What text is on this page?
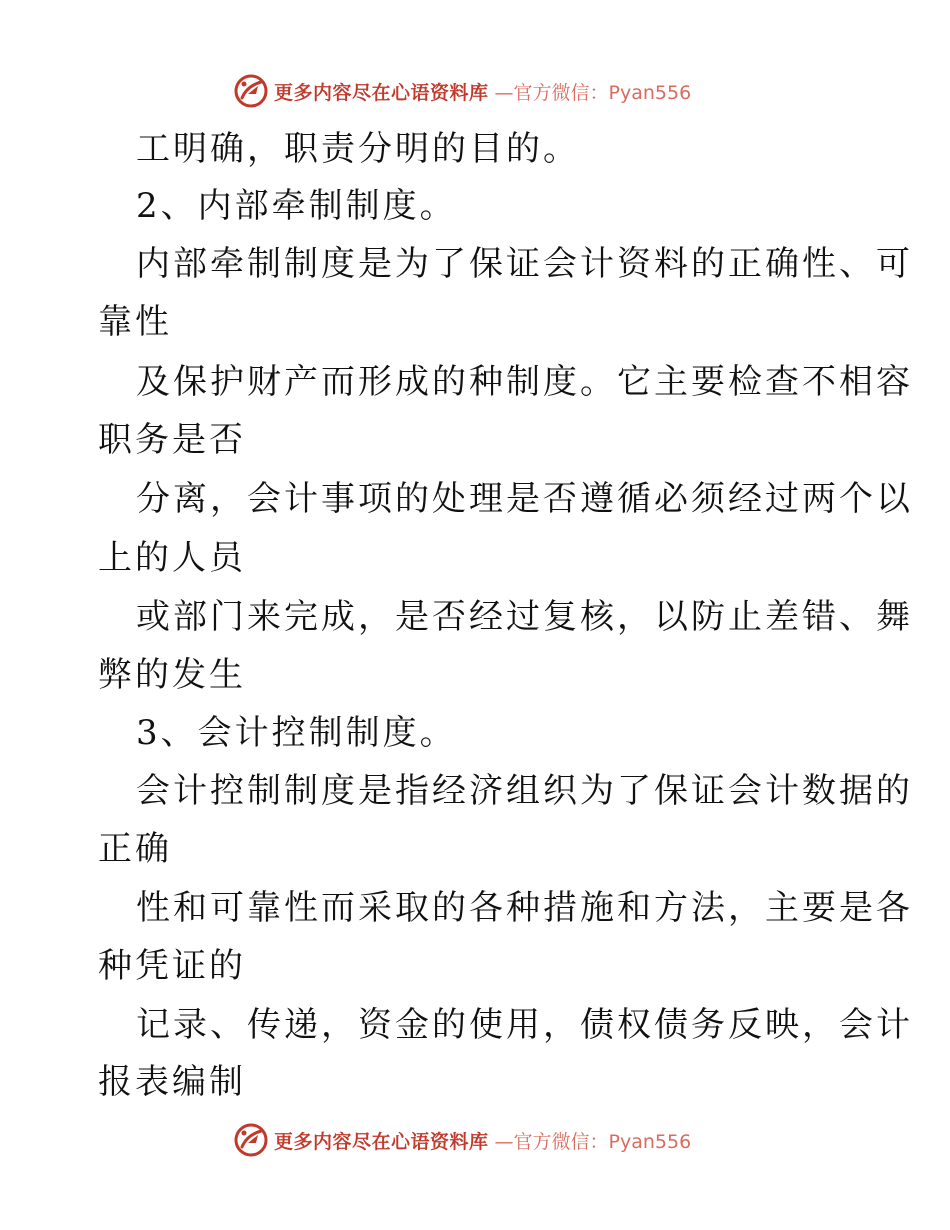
更多内容尽在心语资料库 —官方微信：Pyan556
工明确，职责分明的目的。
2、内部牵制制度。
内部牵制制度是为了保证会计资料的正确性、可
靠性
及保护财产而形成的种制度。它主要检查不相容
职务是否
分离，会计事项的处理是否遵循必须经过两个以
上的人员
或部门来完成，是否经过复核，以防止差错、舞
弊的发生
3、会计控制制度。
会计控制制度是指经济组织为了保证会计数据的
正确
性和可靠性而采取的各种措施和方法，主要是各
种凭证的
记录、传递，资金的使用，债权债务反映，会计
报表编制
更多内容尽在心语资料库 —官方微信：Pyan556
